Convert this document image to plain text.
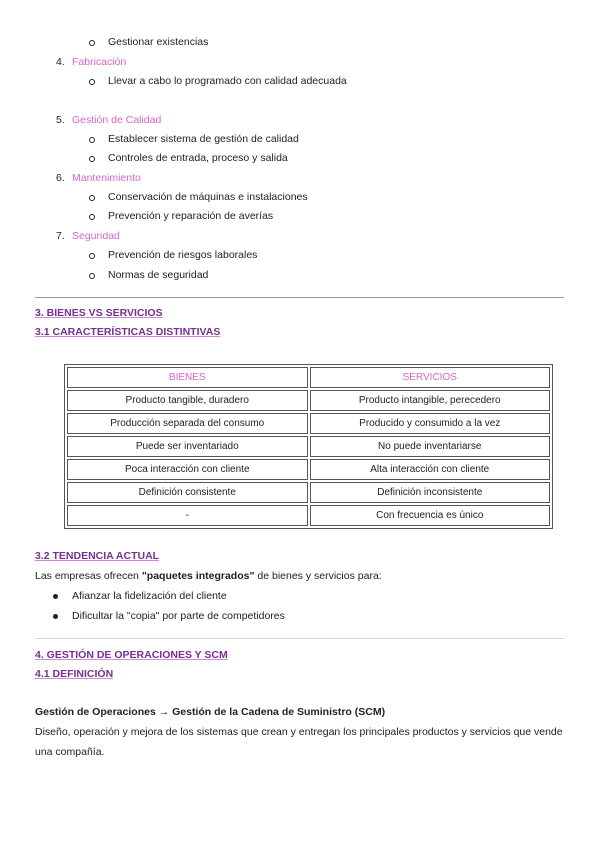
Gestionar existencias
4. Fabricación
Llevar a cabo lo programado con calidad adecuada
5. Gestión de Calidad
Establecer sistema de gestión de calidad
Controles de entrada, proceso y salida
6. Mantenimiento
Conservación de máquinas e instalaciones
Prevención y reparación de averías
7. Seguridad
Prevención de riesgos laborales
Normas de seguridad
3. BIENES VS SERVICIOS
3.1 CARACTERÍSTICAS DISTINTIVAS
BIENES	SERVICIOS
Producto tangible, duradero	Producto intangible, perecedero
Producción separada del consumo	Producido y consumido a la vez
Puede ser inventariado	No puede inventariarse
Poca interacción con cliente	Alta interacción con cliente
Definición consistente	Definición inconsistente
-	Con frecuencia es único
3.2 TENDENCIA ACTUAL
Las empresas ofrecen "paquetes integrados" de bienes y servicios para:
Afianzar la fidelización del cliente
Dificultar la "copia" por parte de competidores
4. GESTIÓN DE OPERACIONES Y SCM
4.1 DEFINICIÓN
Gestión de Operaciones → Gestión de la Cadena de Suministro (SCM)
Diseño, operación y mejora de los sistemas que crean y entregan los principales productos y servicios que vende
una compañía.
